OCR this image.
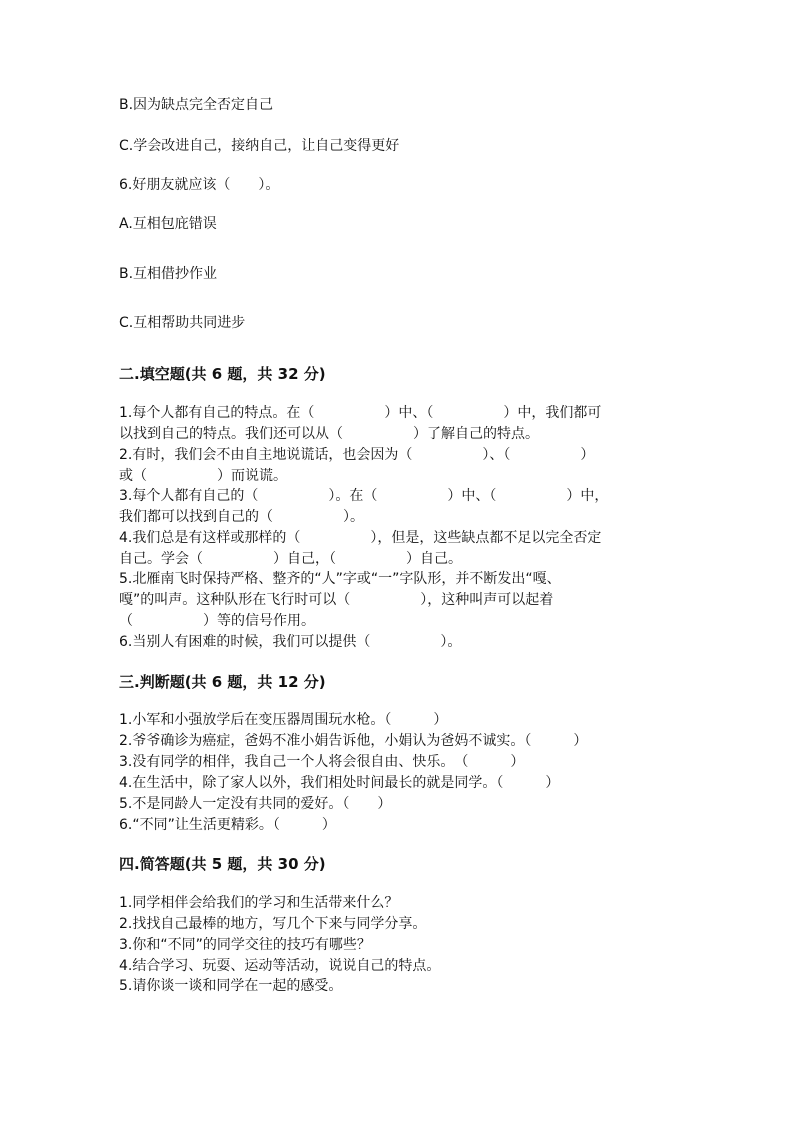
B.因为缺点完全否定自己

C.学会改进自己，接纳自己，让自己变得更好

6.好朋友就应该（　　）。

A.互相包庇错误

B.互相借抄作业

C.互相帮助共同进步

二.填空题(共 6 题，共 32 分)

1.每个人都有自己的特点。在（　　　　　）中、（　　　　　）中，我们都可

以找到自己的特点。我们还可以从（　　　　　）了解自己的特点。

2.有时，我们会不由自主地说谎话，也会因为（　　　　　）、（　　　　　）

或（　　　　　）而说谎。

3.每个人都有自己的（　　　　　）。在（　　　　　）中、（　　　　　）中，

我们都可以找到自己的（　　　　　）。

4.我们总是有这样或那样的（　　　　　），但是，这些缺点都不足以完全否定

自己。学会（　　　　　）自己，（　　　　　）自己。

5.北雁南飞时保持严格、整齐的“人”字或“一”字队形，并不断发出“嘎、

嘎”的叫声。这种队形在飞行时可以（　　　　　），这种叫声可以起着

（　　　　　）等的信号作用。

6.当别人有困难的时候，我们可以提供（　　　　　）。

三.判断题(共 6 题，共 12 分)

1.小军和小强放学后在变压器周围玩水枪。（　　　）

2.爷爷确诊为癌症，爸妈不准小娟告诉他，小娟认为爸妈不诚实。（　　　）

3.没有同学的相伴，我自己一个人将会很自由、快乐。　（　　　）

4.在生活中，除了家人以外，我们相处时间最长的就是同学。（　　　）

5.不是同龄人一定没有共同的爱好。（　　）

6.“不同”让生活更精彩。（　　　）

四.简答题(共 5 题，共 30 分)

1.同学相伴会给我们的学习和生活带来什么？

2.找找自己最棒的地方，写几个下来与同学分享。

3.你和“不同”的同学交往的技巧有哪些？

4.结合学习、玩耍、运动等活动，说说自己的特点。

5.请你谈一谈和同学在一起的感受。
